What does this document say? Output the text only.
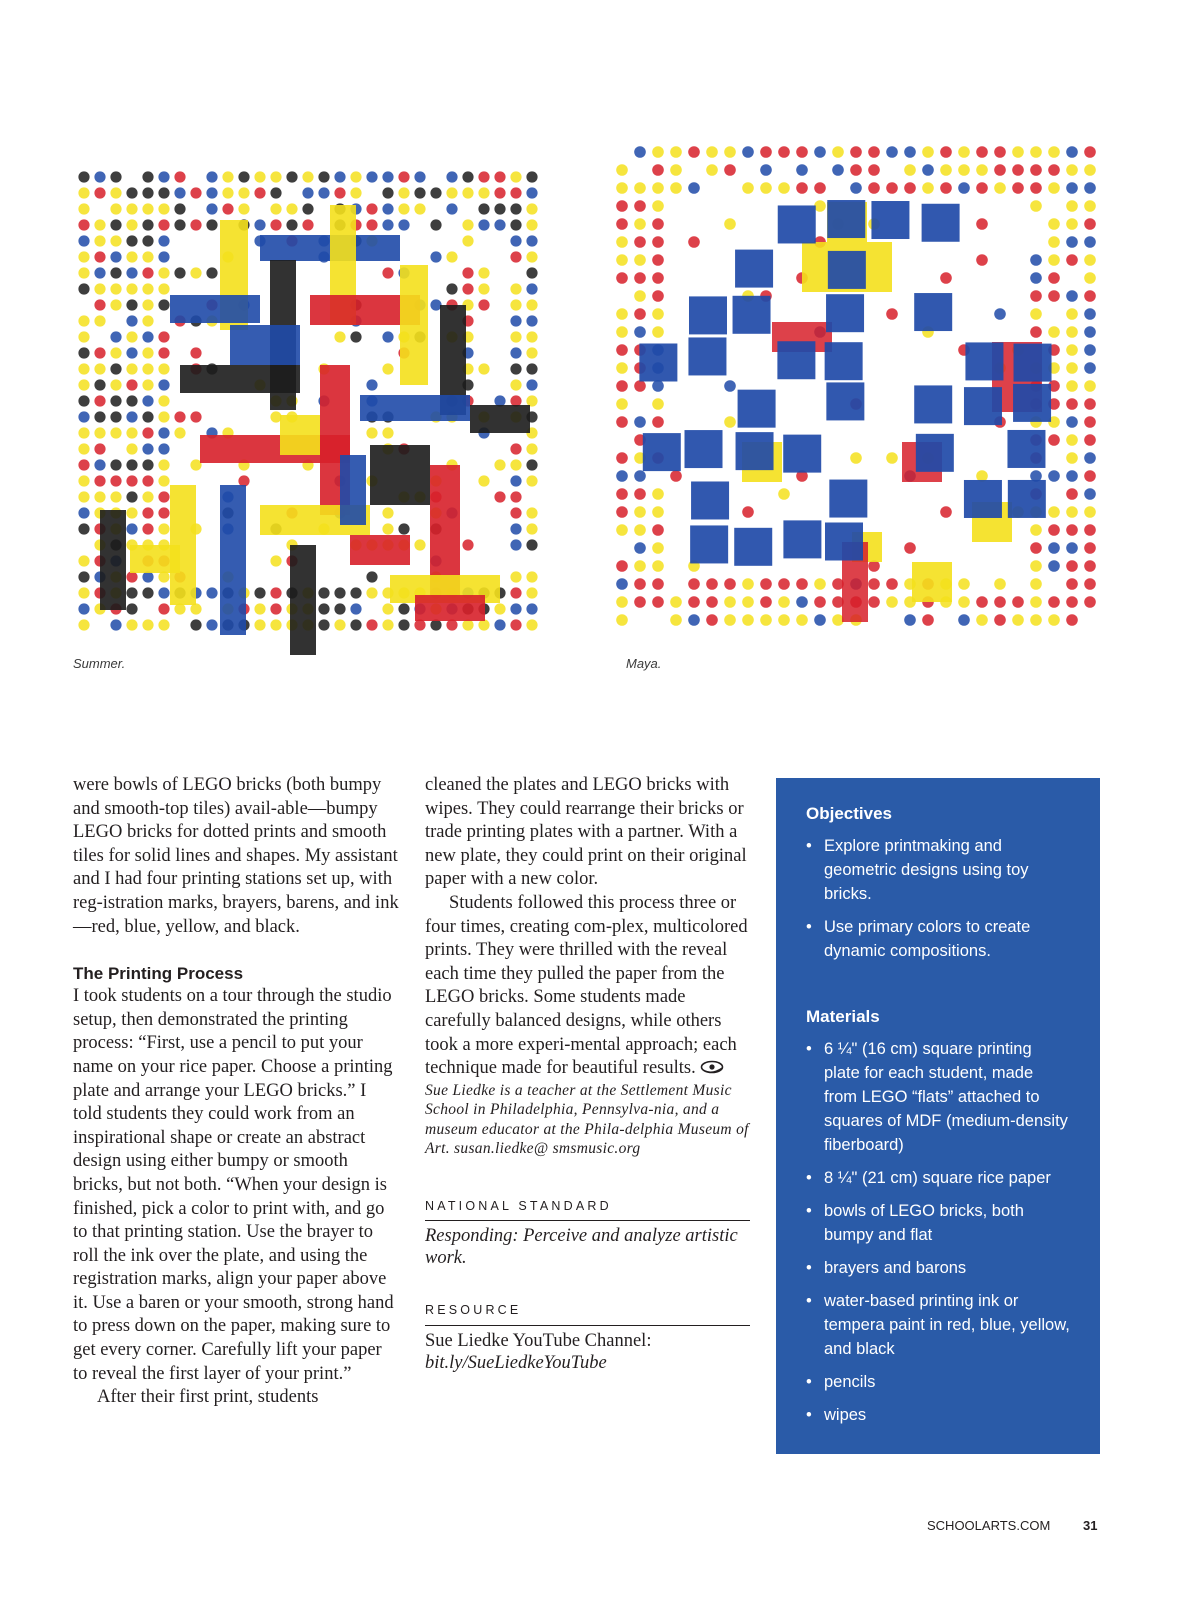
Summer.	Maya.

were bowls of LEGO bricks (both bumpy and smooth-top tiles) avail-able—bumpy LEGO bricks for dotted prints and smooth tiles for solid lines and shapes. My assistant and I had four printing stations set up, with reg-istration marks, brayers, barens, and ink—red, blue, yellow, and black.

The Printing Process

I took students on a tour through the studio setup, then demonstrated the printing process: “First, use a pencil to put your name on your rice paper. Choose a printing plate and arrange your LEGO bricks.” I told students they could work from an inspirational shape or create an abstract design using either bumpy or smooth bricks, but not both. “When your design is finished, pick a color to print with, and go to that printing station. Use the brayer to roll the ink over the plate, and using the registration marks, align your paper above it. Use a baren or your smooth, strong hand to press down on the paper, making sure to get every corner. Carefully lift your paper to reveal the first layer of your print.”

After their first print, students

cleaned the plates and LEGO bricks with wipes. They could rearrange their bricks or trade printing plates with a partner. With a new plate, they could print on their original paper with a new color.

Students followed this process three or four times, creating com-plex, multicolored prints. They were thrilled with the reveal each time they pulled the paper from the LEGO bricks. Some students made carefully balanced designs, while others took a more experi-mental approach; each technique made for beautiful results.

Sue Liedke is a teacher at the Settlement Music School in Philadelphia, Pennsylva-nia, and a museum educator at the Phila-delphia Museum of Art. susan.liedke@ smsmusic.org

NATIONAL STANDARD
Responding: Perceive and analyze artistic work.
RESOURCE
Sue Liedke YouTube Channel:
bit.ly/SueLiedkeYouTube
Objectives
• Explore printmaking and geometric designs using toy bricks.
• Use primary colors to create dynamic compositions.
Materials
• 6 ¼" (16 cm) square printing plate for each student, made from LEGO “flats” attached to squares of MDF (medium-density fiberboard)
• 8 ¼" (21 cm) square rice paper
• bowls of LEGO bricks, both bumpy and flat
• brayers and barons
• water-based printing ink or tempera paint in red, blue, yellow, and black
• pencils
• wipes
SCHOOLARTS.COM	31
